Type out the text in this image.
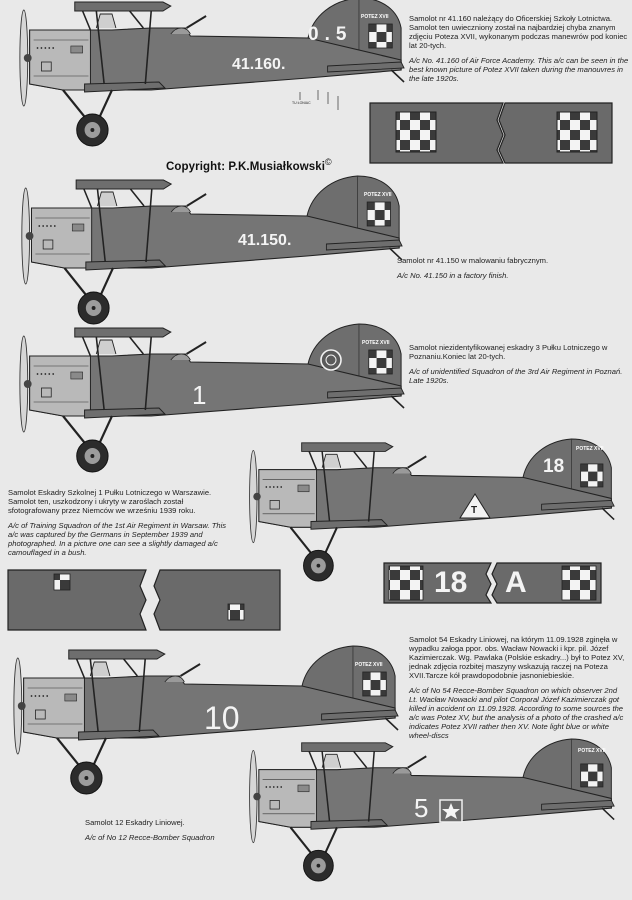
41.160.
0.5
POTEZ XVII
41.150.
POTEZ XVII
1
POTEZ XVII
18
T
POTEZ XVII
18 A
10
POTEZ XVII
5
POTEZ XVII
TU ŁONIAC
Copyright: P.K.Musiałkowski©

Samolot nr 41.160 należący do Oficerskiej Szkoły Lotnictwa. Samolot ten uwieczniony został na najbardziej chyba znanym zdjęciu Poteza XVII, wykonanym podczas manewrów pod koniec lat 20-tych.

A/c No. 41.160 of Air Force Academy. This a/c can be seen in the best known picture of Potez XVII taken during the manouvres in the late 1920s.

Samolot nr 41.150 w malowaniu fabrycznym.

A/c No. 41.150 in a factory finish.

Samolot niezidentyfikowanej eskadry 3 Pułku Lotniczego w Poznaniu.Koniec lat 20-tych.

A/c of unidentified Squadron of the 3rd Air Regiment in Poznań. Late 1920s.

Samolot Eskadry Szkolnej 1 Pułku Lotniczego w Warszawie. Samolot ten, uszkodzony i ukryty w zaroślach został sfotografowany przez Niemców we wrześniu 1939 roku.

A/c of Training Squadron of the 1st Air Regiment in Warsaw. This a/c was captured by the Germans in September 1939 and photographed. In a picture one can see a slightly damaged a/c camouflaged in a bush.

Samolot 54 Eskadry Liniowej, na którym 11.09.1928 zginęła w wypadku załoga ppor. obs. Wacław Nowacki i kpr. pil. Józef Kazimierczak. Wg. Pawlaka (Polskie eskadry...) był to Potez XV, jednak zdjęcia rozbitej maszyny wskazują raczej na Poteza XVII.Tarcze kół prawdopodobnie jasnoniebieskie.

A/c of No 54 Recce-Bomber Squadron on which observer 2nd Lt. Wacław Nowacki and pilot Corporal Józef Kazimierczak got killed in accident on 11.09.1928. According to some sources the a/c was Potez XV, but the analysis of a photo of the crashed a/c indicates Potez XVII rather then XV. Note light blue or white wheel-discs

Samolot 12 Eskadry Liniowej.

A/c of No 12 Recce-Bomber Squadron
